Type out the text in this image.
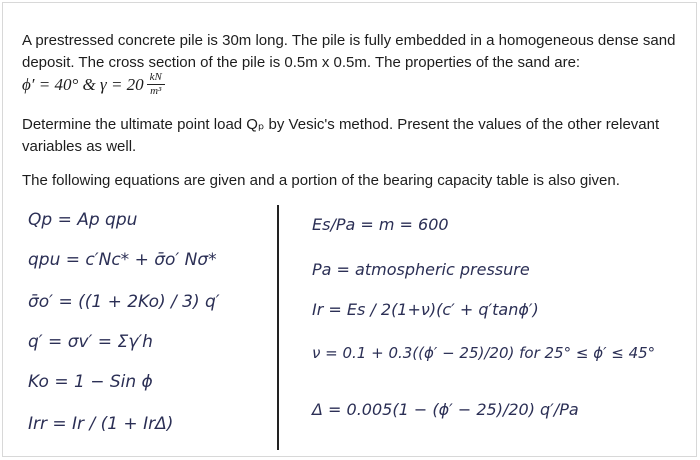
A prestressed concrete pile is 30m long. The pile is fully embedded in a homogeneous dense sand deposit. The cross section of the pile is 0.5m x 0.5m. The properties of the sand are:
ϕ′ = 40° & $\gamma = 20 \frac{kN}{\text{m³}}$
Determine the ultimate point load Qₚ by Vesic's method. Present the values of the other relevant variables as well.
The following equations are given and a portion of the bearing capacity table is also given.
Qp = Ap qpu
qpu = c′Nc* + σ̄o′ Nσ*
σ̄o′ = ((1 + 2Ko) / 3) q′
q′ = σv′ = Σγ′h
Ko = 1 − Sin ϕ
Irr = Ir / (1 + IrΔ)
Es/Pa = m = 600
Pa = atmospheric pressure
Ir = Es / 2(1+ν)(c′ + q′tanϕ′)
ν = 0.1 + 0.3((ϕ′ − 25)/20) for 25° ≤ ϕ′ ≤ 45°
Δ = 0.005(1 − (ϕ′ − 25)/20) q′/Pa
